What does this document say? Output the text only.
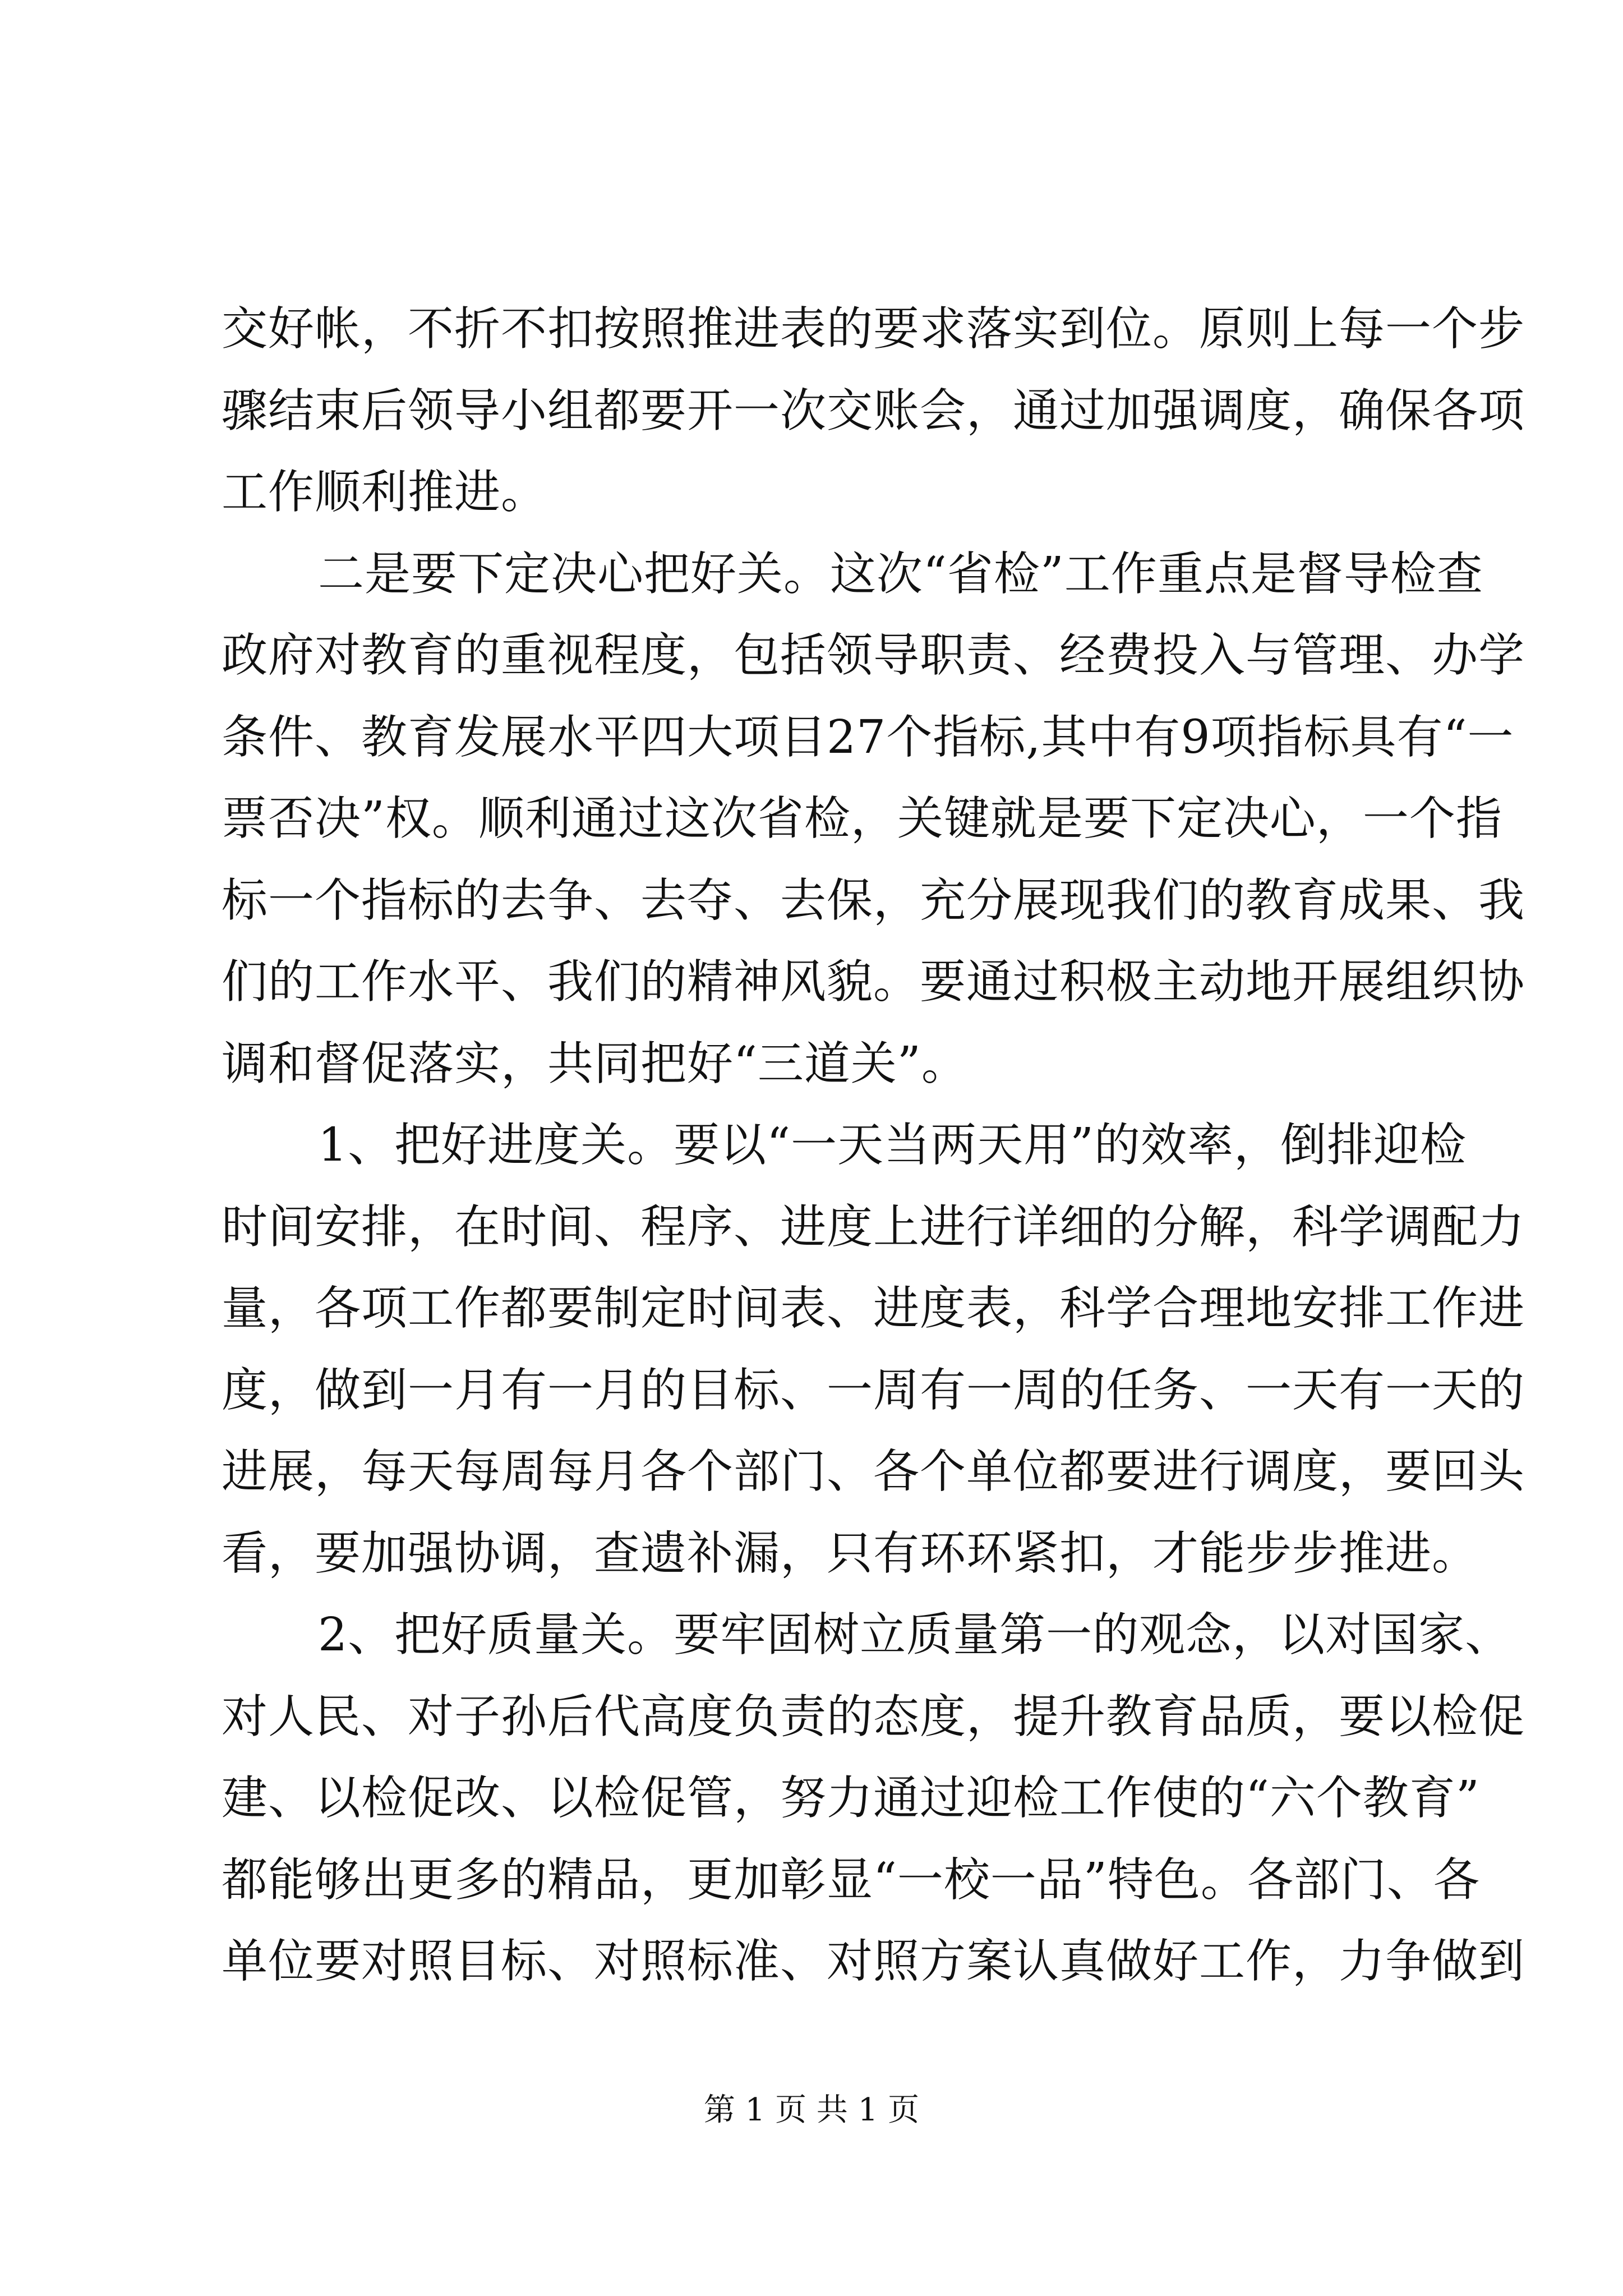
交好帐，不折不扣按照推进表的要求落实到位。原则上每一个步
骤结束后领导小组都要开一次交账会，通过加强调度，确保各项
工作顺利推进。
二是要下定决心把好关。这次“省检”工作重点是督导检查
政府对教育的重视程度，包括领导职责、经费投入与管理、办学
条件、教育发展水平四大项目27个指标,其中有9项指标具有“一
票否决”权。顺利通过这次省检，关键就是要下定决心，一个指
标一个指标的去争、去夺、去保，充分展现我们的教育成果、我
们的工作水平、我们的精神风貌。要通过积极主动地开展组织协
调和督促落实，共同把好“三道关”。
1、把好进度关。要以“一天当两天用”的效率，倒排迎检
时间安排，在时间、程序、进度上进行详细的分解，科学调配力
量，各项工作都要制定时间表、进度表，科学合理地安排工作进
度，做到一月有一月的目标、一周有一周的任务、一天有一天的
进展，每天每周每月各个部门、各个单位都要进行调度，要回头
看，要加强协调，查遗补漏，只有环环紧扣，才能步步推进。
2、把好质量关。要牢固树立质量第一的观念，以对国家、
对人民、对子孙后代高度负责的态度，提升教育品质，要以检促
建、以检促改、以检促管，努力通过迎检工作使的“六个教育”
都能够出更多的精品，更加彰显“一校一品”特色。各部门、各
单位要对照目标、对照标准、对照方案认真做好工作，力争做到
第 1 页 共 1 页
